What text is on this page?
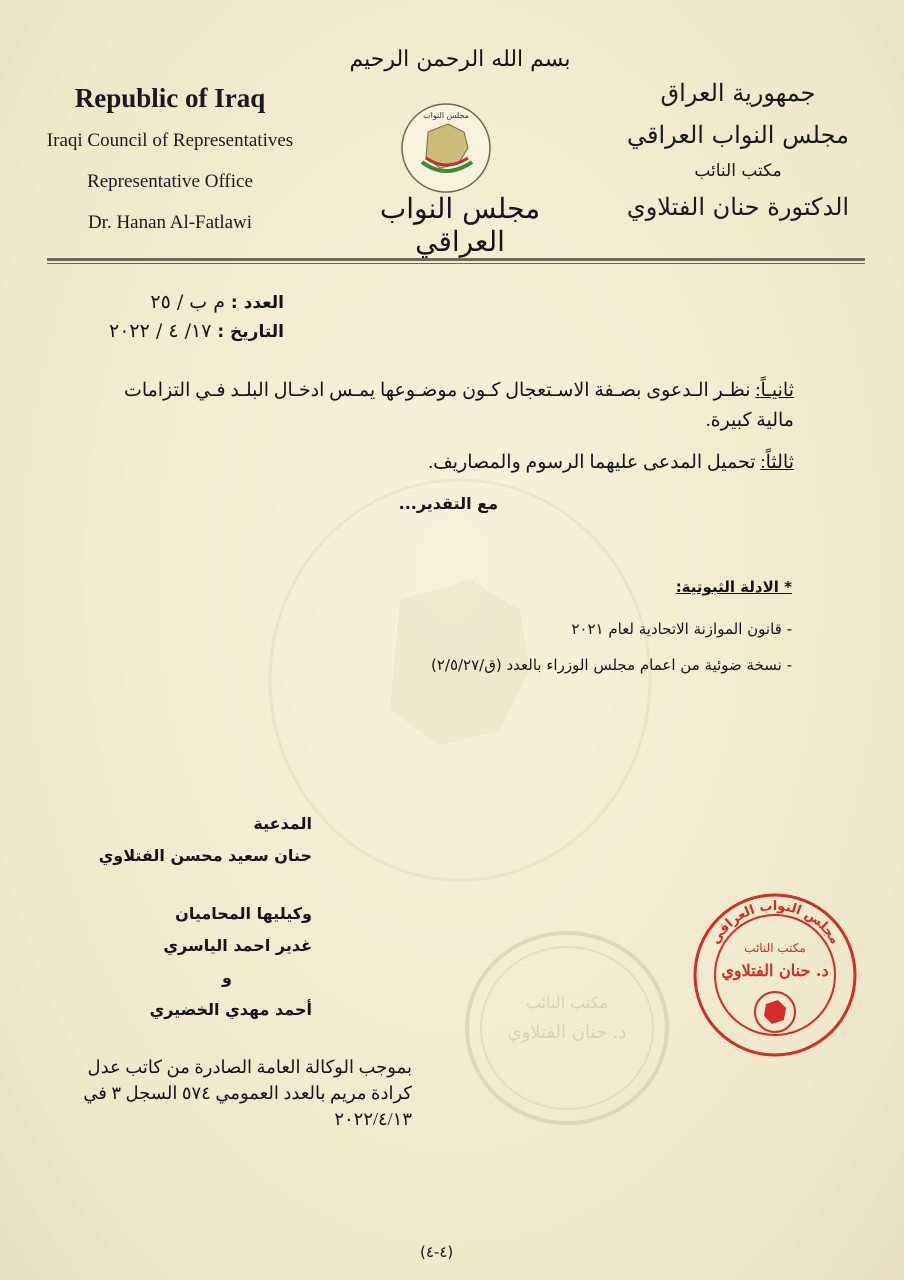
Republic of Iraq
Iraqi Council of Representatives
Representative Office
Dr. Hanan Al-Fatlawi
بسم الله الرحمن الرحيم
مجلس النواب
مجلس النواب العراقي
جمهورية العراق
مجلس النواب العراقي
مكتب النائب
الدكتورة حنان الفتلاوي
العدد : م ب / ٢٥
التاريخ : ١٧/ ٤ / ٢٠٢٢
ثانيـاً: نظـر الـدعوى بصـفة الاسـتعجال كـون موضـوعها يمـس ادخـال البلـد فـي التزامات مالية كبيرة.
ثالثاً: تحميل المدعى عليهما الرسوم والمصاريف.
مع التقدير...
* الادلة الثبوتية:
- قانون الموازنة الاتحادية لعام ٢٠٢١
- نسخة ضوئية من اعمام مجلس الوزراء بالعدد (ق/٢/٥/٢٧)
المدعية
حنان سعيد محسن الفتلاوي
وكيليها المحاميان
غدير احمد الياسري
و
أحمد مهدي الخضيري
بموجب الوكالة العامة الصادرة من كاتب عدل
كرادة مريم بالعدد العمومي ٥٧٤ السجل ٣ في
٢٠٢٢/٤/١٣
مكتب النائب
د. حنان الفتلاوي
مجلس النواب العراقي
مكتب النائب
د. حنان الفتلاوي
(٤-٤)
